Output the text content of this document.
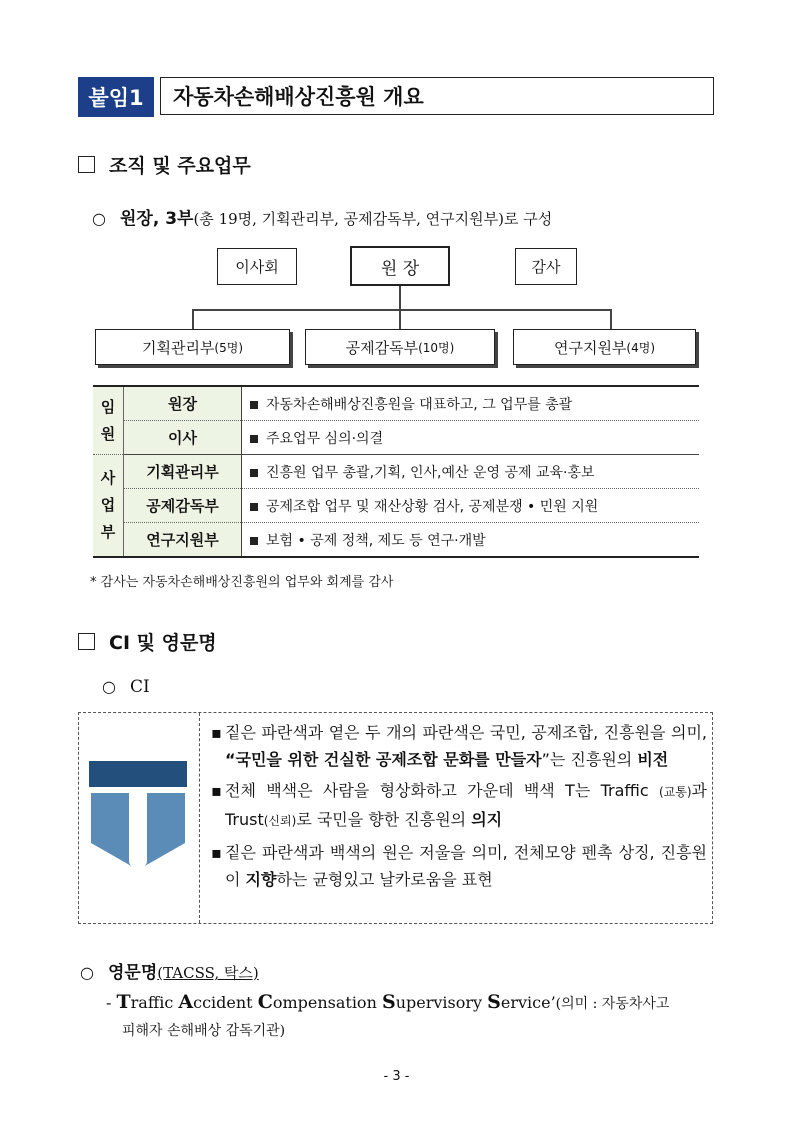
붙임1	자동차손해배상진흥원 개요
조직 및 주요업무
○ 원장, 3부(총 19명, 기획관리부, 공제감독부, 연구지원부)로 구성
이사회	원 장	감사
기획관리부 (5명)	공제감독부 (10명)	연구지원부 (4명)
임원	원장	자동차손해배상진흥원을 대표하고, 그 업무를 총괄
	이사	주요업무 심의·의결
사업부	기획관리부	진흥원 업무 총괄,기획, 인사,예산 운영 공제 교육·홍보
	공제감독부	공제조합 업무 및 재산상황 검사, 공제분쟁 • 민원 지원
	연구지원부	보험 • 공제 정책, 제도 등 연구·개발
* 감사는 자동차손해배상진흥원의 업무와 회계를 감사
CI 및 영문명
○ CI

▪ 짙은 파란색과 옅은 두 개의 파란색은 국민, 공제조합, 진흥원을 의미, “국민을 위한 건실한 공제조합 문화를 만들자”는 진흥원의 비전

▪ 전체 백색은 사람을 형상화하고 가운데 백색 T는 Traffic (교통)과 Trust(신뢰)로 국민을 향한 진흥원의 의지

▪ 짙은 파란색과 백색의 원은 저울을 의미, 전체모양 펜촉 상징, 진흥원이 지향하는 균형있고 날카로움을 표현

○ 영문명(TACSS, 탁스)
- Traffic Accident Compensation Supervisory Service’(의미 : 자동차사고
피해자 손해배상 감독기관)
- 3 -
